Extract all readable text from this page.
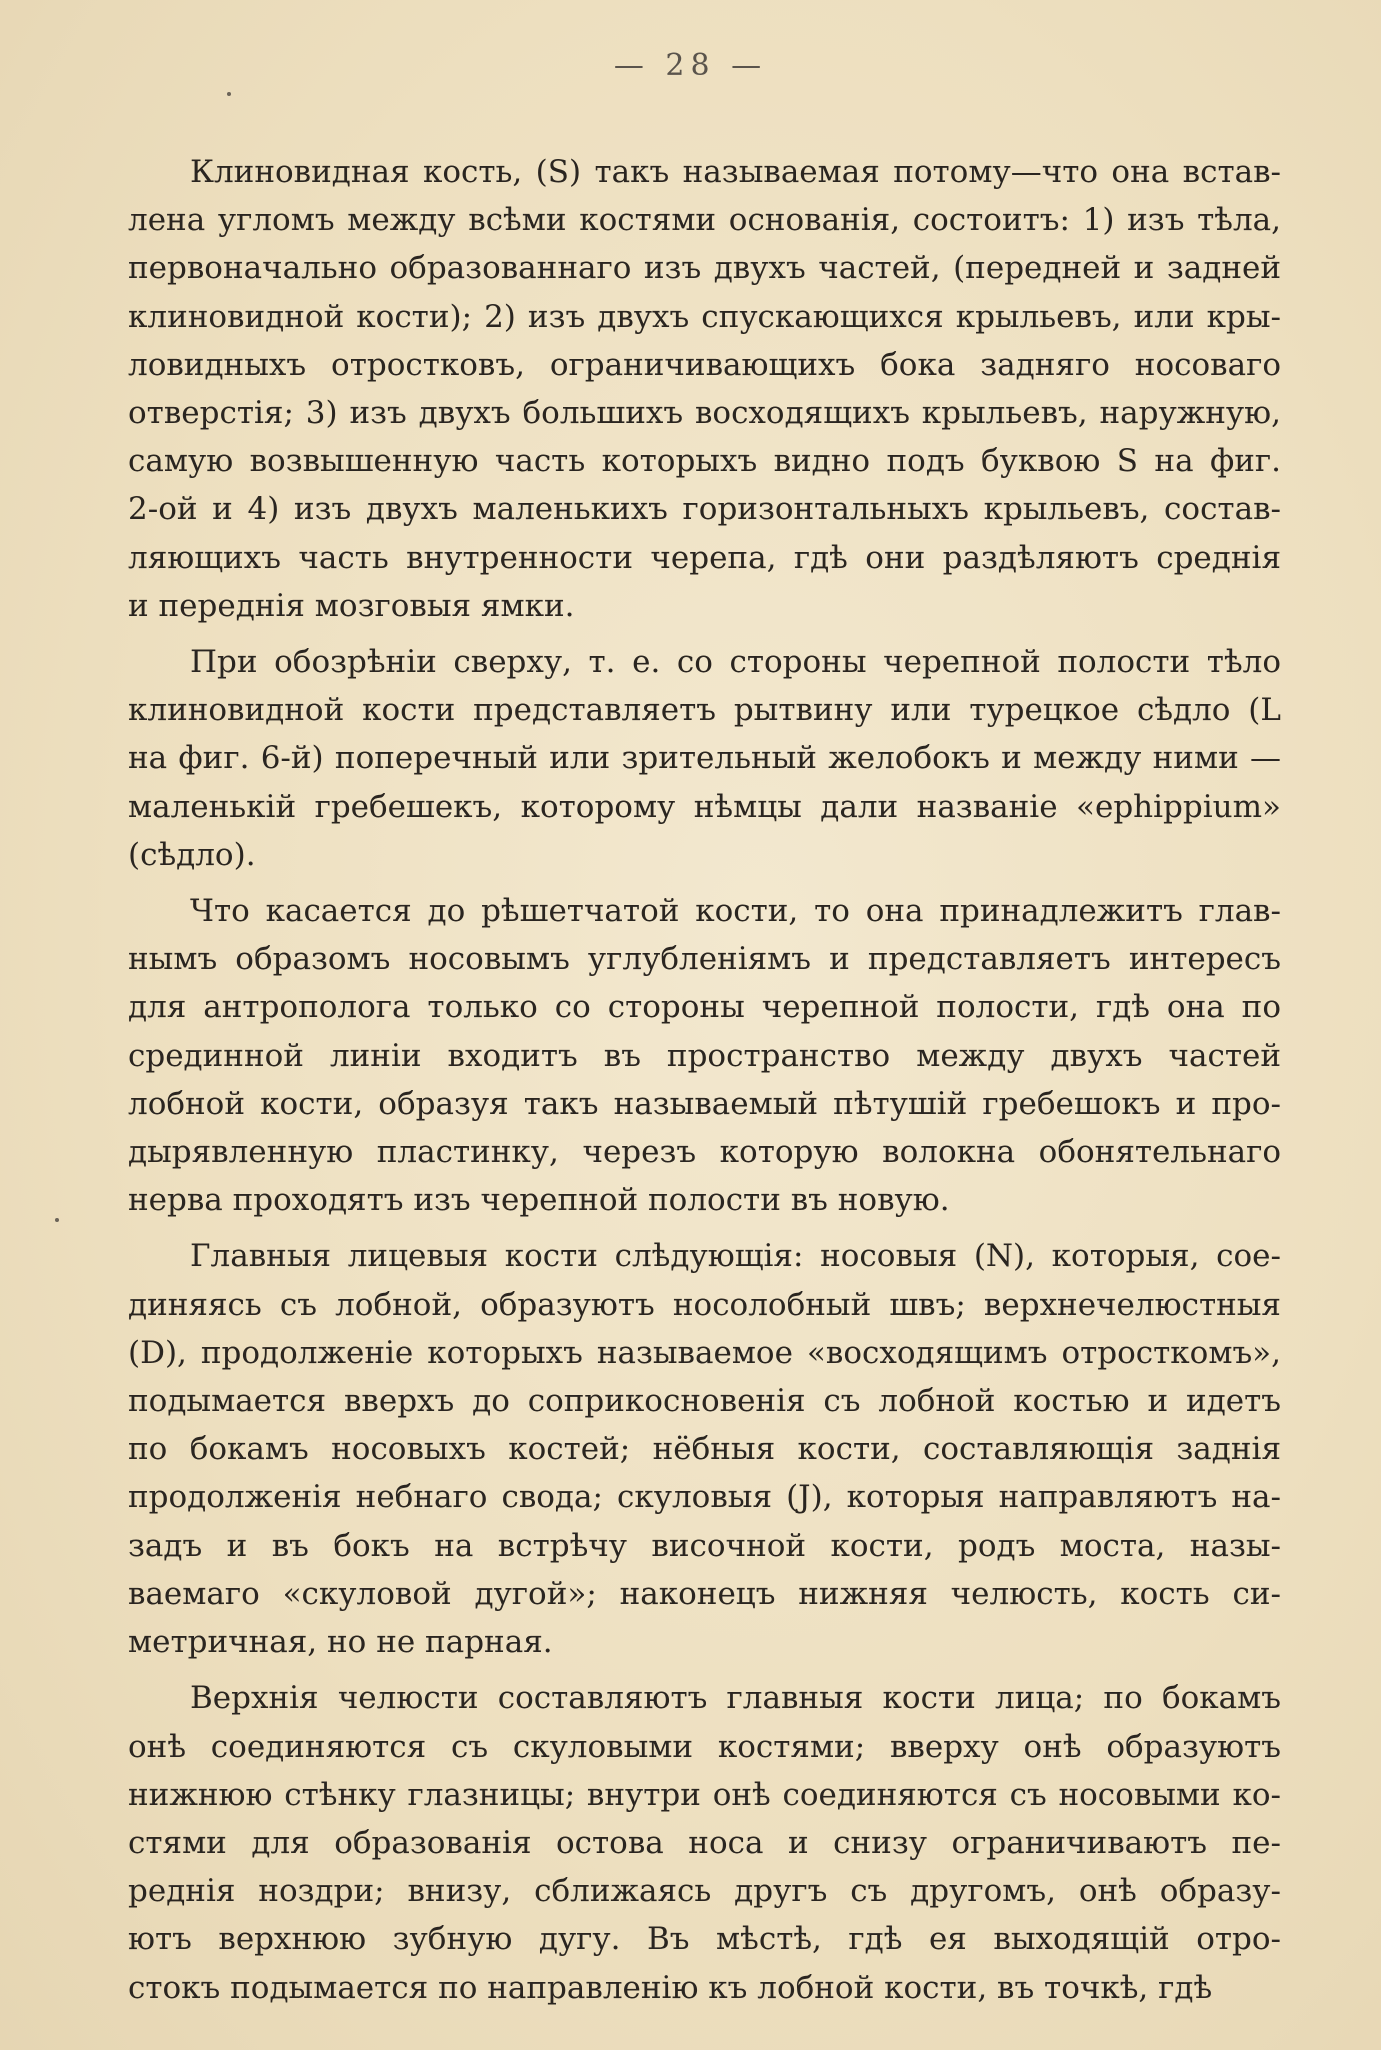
— 28 —
Клиновидная кость, (S) такъ называемая потому—что она встав-
лена угломъ между всѣми костями основанія, состоитъ: 1) изъ тѣла,
первоначально образованнаго изъ двухъ частей, (передней и задней
клиновидной кости); 2) изъ двухъ спускающихся крыльевъ, или кры-
ловидныхъ отростковъ, ограничивающихъ бока задняго носоваго
отверстія; 3) изъ двухъ большихъ восходящихъ крыльевъ, наружную,
самую возвышенную часть которыхъ видно подъ буквою S на фиг.
2-ой и 4) изъ двухъ маленькихъ горизонтальныхъ крыльевъ, состав-
ляющихъ часть внутренности черепа, гдѣ они раздѣляютъ среднія
и переднія мозговыя ямки.
При обозрѣніи сверху, т. е. со стороны черепной полости тѣло
клиновидной кости представляетъ рытвину или турецкое сѣдло (L
на фиг. 6-й) поперечный или зрительный желобокъ и между ними —
маленькій гребешекъ, которому нѣмцы дали названіе «ephippium»
(сѣдло).
Что касается до рѣшетчатой кости, то она принадлежитъ глав-
нымъ образомъ носовымъ углубленіямъ и представляетъ интересъ
для антрополога только со стороны черепной полости, гдѣ она по
срединной линіи входитъ въ пространство между двухъ частей
лобной кости, образуя такъ называемый пѣтушій гребешокъ и про-
дырявленную пластинку, черезъ которую волокна обонятельнаго
нерва проходятъ изъ черепной полости въ новую.
Главныя лицевыя кости слѣдующія: носовыя (N), которыя, сое-
диняясь съ лобной, образуютъ носолобный швъ; верхнечелюстныя
(D), продолженіе которыхъ называемое «восходящимъ отросткомъ»,
подымается вверхъ до соприкосновенія съ лобной костью и идетъ
по бокамъ носовыхъ костей; нёбныя кости, составляющія заднія
продолженія небнаго свода; скуловыя (J), которыя направляютъ на-
задъ и въ бокъ на встрѣчу височной кости, родъ моста, назы-
ваемаго «скуловой дугой»; наконецъ нижняя челюсть, кость си-
метричная, но не парная.
Верхнія челюсти составляютъ главныя кости лица; по бокамъ
онѣ соединяются съ скуловыми костями; вверху онѣ образуютъ
нижнюю стѣнку глазницы; внутри онѣ соединяются съ носовыми ко-
стями для образованія остова носа и снизу ограничиваютъ пе-
реднія ноздри; внизу, сближаясь другъ съ другомъ, онѣ образу-
ютъ верхнюю зубную дугу. Въ мѣстѣ, гдѣ ея выходящій отро-
стокъ подымается по направленію къ лобной кости, въ точкѣ, гдѣ
